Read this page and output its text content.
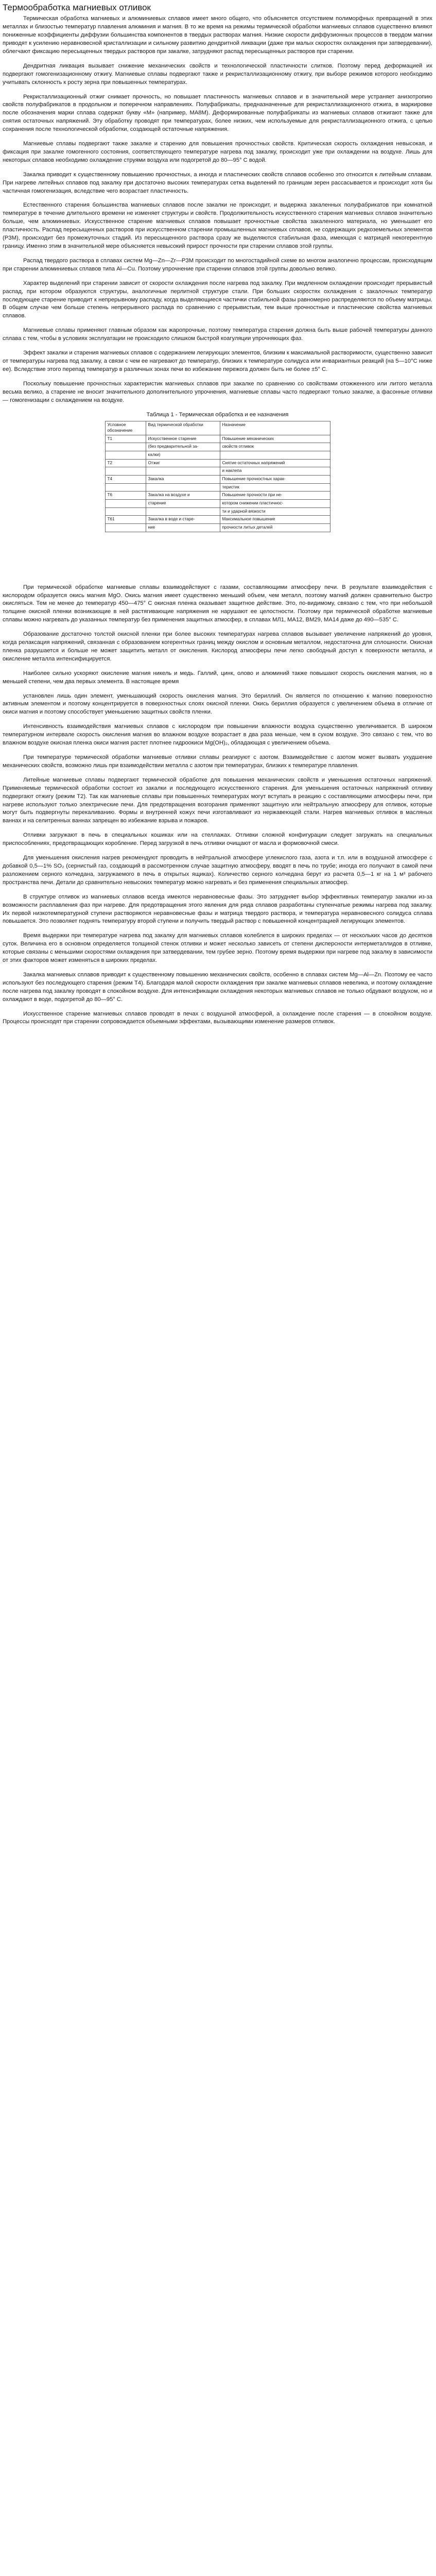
Термообработка магниевых отливок

Термическая обработка магниевых и алюминиевых сплавов имеет много общего, что объясняется отсутствием полиморфных превращений в этих металлах и близостью температур плавления алюминия и магния. В то же время на режимы термической обработки магниевых сплавов существенно влияют пониженные коэффициенты диффузии большинства компонентов в твердых растворах магния. Низкие скорости диффузионных процессов в твердом магнии приводят к усилению неравновесной кристаллизации и сильному развитию дендритной ликвации (даже при малых скоростях охлаждения при затвердевании), облегчают фиксацию пересыщенных твердых растворов при закалке, затрудняют распад пересыщенных растворов при старении.

Дендритная ликвация вызывает снижение механических свойств и технологической пластичности слитков. Поэтому перед деформацией их подвергают гомогенизационному отжигу. Магниевые сплавы подвергают также и рекристаллизационному отжигу, при выборе режимов которого необходимо учитывать склонность к росту зерна при повышенных температурах.

Рекристаллизационный отжиг снимает прочность, но повышает пластичность магниевых сплавов и в значительной мере устраняет анизотропию свойств полуфабрикатов в продольном и поперечном направлениях. Полуфабрикаты, предназначенные для рекристаллизационного отжига, в маркировке после обозначения марки сплава содержат букву «М» (например, МА8М). Деформированные полуфабрикаты из магниевых сплавов отжигают также для снятия остаточных напряжений. Эту обработку проводят при температурах, более низких, чем используемые для рекристаллизационного отжига, с целью сохранения после технологической обработки, создающей остаточные напряжения.

Магниевые сплавы подвергают также закалке и старению для повышения прочностных свойств. Критическая скорость охлаждения невысокая, и фиксация при закалке гомогенного состояния, соответствующего температуре нагрева под закалку, происходит уже при охлаждении на воздухе. Лишь для некоторых сплавов необходимо охлаждение струями воздуха или подогретой до 80—95° С водой.

Закалка приводит к существенному повышению прочностных, а иногда и пластических свойств сплавов особенно это относится к литейным сплавам. При нагреве литейных сплавов под закалку при достаточно высоких температурах сетка выделений по границам зерен рассасывается и происходит хотя бы частичная гомогенизация, вследствие чего возрастает пластичность.

Естественного старения большинства магниевых сплавов после закалки не происходит, и выдержка закаленных полуфабрикатов при комнатной температуре в течение длительного времени не изменяет структуры и свойств. Продолжительность искусственного старения магниевых сплавов значительно больше, чем алюминиевых. Искусственное старение магниевых сплавов повышает прочностные свойства закаленного материала, но уменьшает его пластичность. Распад пересыщенных растворов при искусственном старении промышленных магниевых сплавов, не содержащих редкоземельных элементов (РЗМ), происходит без промежуточных стадий. Из пересыщенного раствора сразу же выделяются стабильная фаза, имеющая с матрицей некогерентную границу. Именно этим в значительной мере объясняется невысокий прирост прочности при старении сплавов этой группы.

Распад твердого раствора в сплавах систем Mg—Zn—Zr—РЗМ происходит по многостадийной схеме во многом аналогично процессам, происходящим при старении алюминиевых сплавов типа Al—Cu. Поэтому упрочнение при старении сплавов этой группы довольно велико.

Характер выделений при старении зависит от скорости охлаждения после нагрева под закалку. При медленном охлаждении происходит прерывистый распад, при котором образуются структуры, аналогичные перлитной структуре стали. При больших скоростях охлаждения с закалочных температур последующее старение приводит к непрерывному распаду, когда выделяющиеся частички стабильной фазы равномерно распределяются по объему матрицы. В общем случае чем больше степень непрерывного распада по сравнению с прерывистым, тем выше прочностные и пластические свойства магниевых сплавов.

Магниевые сплавы применяют главным образом как жаропрочные, поэтому температура старения должна быть выше рабочей температуры данного сплава с тем, чтобы в условиях эксплуатации не происходило слишком быстрой коагуляции упрочняющих фаз.

Эффект закалки и старения магниевых сплавов с содержанием легирующих элементов, близким к максимальной растворимости, существенно зависит от температуры нагрева под закалку, а связи с чем ее нагревают до температур, близких к температуре солидуса или инвариантных реакций (на 5—10°С ниже ее). Вследствие этого перепад температур в различных зонах печи во избежание пережога должен быть не более ±5° С.

Поскольку повышение прочностных характеристик магниевых сплавов при закалке по сравнению со свойствами отожженного или литого металла весьма велико, а старение не вносит значительного дополнительного упрочнения, магниевые сплавы часто подвергают только закалке, а фасонные отливки — гомогенизации с охлаждением на воздухе.

Таблица 1 - Термическая обработка и ее назначения

Условное обозначение	Вид термической обработки	Назначение
Т1	Искусственное старение	Повышение механических
	(без предварительной за-	свойств отливок
	калки)	
Т2	Отжиг	Снятие остаточных напряжений
		и наклепа
Т4	Закалка	Повышение прочностных харак-
		теристик
Т6	Закалка на воздухе и	Повышение прочности при не-
	старение	котором снижении пластичнос-
		ти и ударной вязкости
Т61	Закалка в воде и старе-	Максимальное повышение
	ние	прочности литых деталей

При термической обработке магниевые сплавы взаимодействуют с газами, составляющими атмосферу печи. В результате взаимодействия с кислородом образуется окись магния MgO. Окись магния имеет существенно меньший объем, чем металл, поэтому магний должен сравнительно быстро окисляться. Тем не менее до температур 450—475° С окисная пленка оказывает защитное действие. Это, по-видимому, связано с тем, что при небольшой толщине окисной пленки возникающие в ней растягивающие напряжения не нарушают ее целостности. Поэтому при термической обработке магниевые сплавы можно нагревать до указанных температур без применения защитных атмосфер, в сплавах МЛ1, МА12, ВМ29, МА14 даже до 490—535° С.

Образование достаточно толстой окисной пленки при более высоких температурах нагрева сплавов вызывает увеличение напряжений до уровня, когда релаксация напряжений, связанная с образованием когерентных границ между окислом и основным металлом, недостаточна для сплошности. Окисная пленка разрушается и больше не может защитить металл от окисления. Кислород атмосферы печи легко свободный доступ к поверхности металла, и окисление металла интенсифицируется.

Наиболее сильно ускоряют окисление магния никель и медь. Галлий, цинк, олово и алюминий также повышают скорость окисления магния, но в меньшей степени, чем два первых элемента. В настоящее время

установлен лишь один элемент, уменьшающий скорость окисления магния. Это бериллий. Он является по отношению к магнию поверхностно активным элементом и поэтому концентрируется в поверхностных слоях окисной пленки. Окись бериллия образуется с увеличением объема в отличие от окиси магния и поэтому способствует уменьшению защитных свойств пленки.

Интенсивность взаимодействия магниевых сплавов с кислородом при повышении влажности воздуха существенно увеличивается. В широком температурном интервале скорость окисления магния во влажном воздухе возрастает в два раза меньше, чем в сухом воздухе. Это связано с тем, что во влажном воздухе окисная пленка окиси магния растет плотнее гидроокиси Mg(OH)₂, обладающая с увеличением объема.

При температуре термической обработки магниевые отливки сплавы реагируют с азотом. Взаимодействие с азотом может вызвать ухудшение механических свойств, возможно лишь при взаимодействии металла с азотом при температурах, близких к температуре плавления.

Литейные магниевые сплавы подвергают термической обработке для повышения механических свойств и уменьшения остаточных напряжений. Применяемые термической обработки состоит из закалки и последующего искусственного старения. Для уменьшения остаточных напряжений отливку подвергают отжигу (режим Т2). Так как магниевые сплавы при повышенных температурах могут вступать в реакцию с составляющими атмосферы печи, при нагреве используют только электрические печи. Для предотвращения возгорания применяют защитную или нейтральную атмосферу для отливок, которые могут быть подвергнуты перекаливанию. Формы и внутренней кожух печи изготавливают из нержавеющей стали. Нагрев магниевых отливок в масляных ваннах и на селитренных ваннах запрещен во избежание взрыва и пожаров.

Отливки загружают в печь в специальных кошиках или на стеллажах. Отливки сложной конфигурации следует загружать на специальных приспособлениях, предотвращающих коробление. Перед загрузкой в печь отливки очищают от масла и формовочной смеси.

Для уменьшения окисления нагрев рекомендуют проводить в нейтральной атмосфере углекислого газа, азота и т.п. или в воздушной атмосфере с добавкой 0,5—1% SO₂ (сернистый газ, создающий в рассмотренном случае защитную атмосферу, вводят в печь по трубе; иногда его получают в самой печи разложением серного колчедана, загружаемого в печь в открытых ящиках). Количество серного колчедана берут из расчета 0,5—1 кг на 1 м³ рабочего пространства печи. Детали до сравнительно невысоких температур можно нагревать и без применения специальных атмосфер.

В структуре отливок из магниевых сплавов всегда имеются неравновесные фазы. Это затрудняет выбор эффективных температур закалки из-за возможности расплавления фаз при нагреве. Для предотвращения этого явления для ряда сплавов разработаны ступенчатые режимы нагрева под закалку. Их первой низкотемпературной ступени растворяются неравновесные фазы и матрица твердого раствора, и температура неравновесного солидуса сплава повышается. Это позволяет поднять температуру второй ступени и получить твердый раствор с повышенной концентрацией легирующих элементов.

Время выдержки при температуре нагрева под закалку для магниевых сплавов колеблется в широких пределах — от нескольких часов до десятков суток. Величина его в основном определяется толщиной стенок отливки и может несколько зависеть от степени дисперсности интерметаллидов в отливке, которые связаны с меньшими скоростями охлаждения при затвердевании, тем грубее зерно. Поэтому время выдержки при нагреве под закалку в зависимости от этих факторов может изменяться в широких пределах.

Закалка магниевых сплавов приводит к существенному повышению механических свойств, особенно в сплавах систем Mg—Al—Zn. Поэтому ее часто используют без последующего старения (режим Т4). Благодаря малой скорости охлаждения при закалке магниевых сплавов невелика, и поэтому охлаждение после нагрева под закалку проводят в спокойном воздухе. Для интенсификации охлаждения некоторых магниевых сплавов не только обдувают воздухом, но и охлаждают в воде, подогретой до 80—95° С.

Искусственное старение магниевых сплавов проводят в печах с воздушной атмосферой, а охлаждение после старения — в спокойном воздухе. Процессы происходят при старении сопровождается объемными эффектами, вызывающими изменение размеров отливок.
